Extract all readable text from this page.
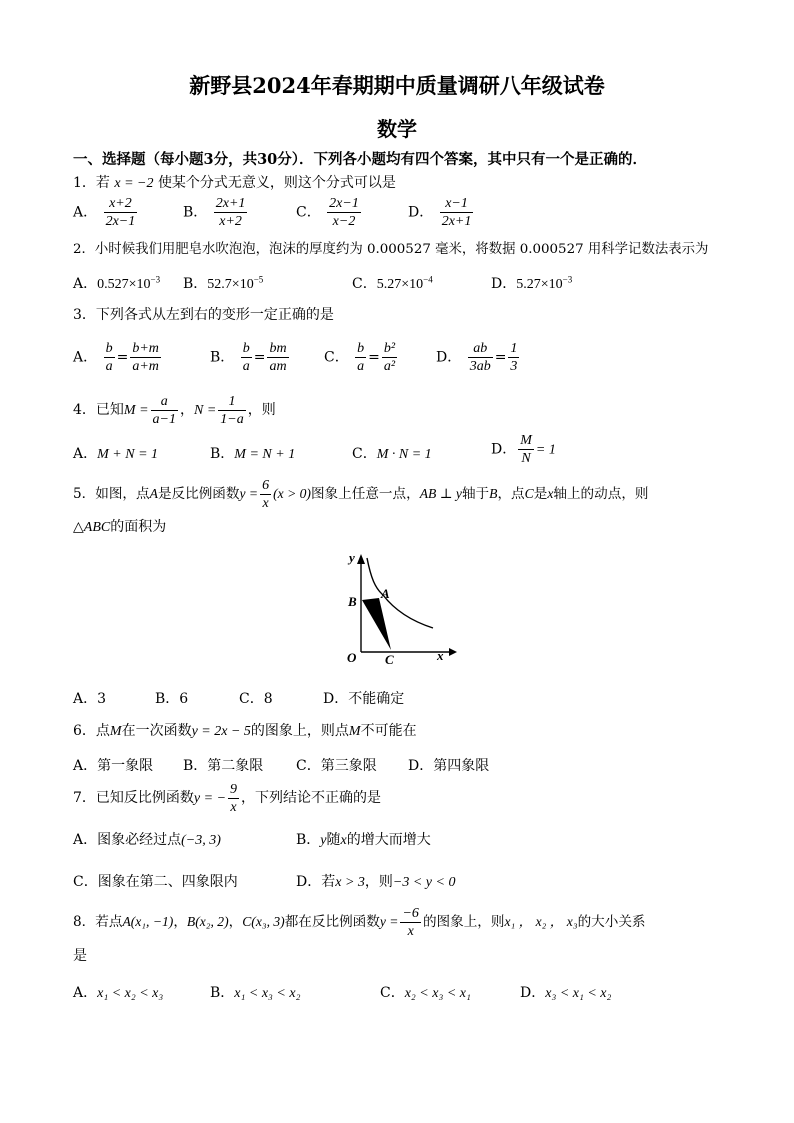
新野县2024年春期期中质量调研八年级试卷
数学
一、选择题（每小题3分，共30分）．下列各小题均有四个答案，其中只有一个是正确的．
1．若 x = −2 使某个分式无意义，则这个分式可以是
A． $\frac{x+2}{2x-1}$	B． $\frac{2x+1}{x+2}$	C． $\frac{2x-1}{x-2}$	D． $\frac{x-1}{2x+1}$
2．小时候我们用肥皂水吹泡泡，泡沫的厚度约为 0.000527 毫米，将数据 0.000527 用科学记数法表示为
A．$0.527\times 10^{-3}$ B．$52.7\times 10^{-5}$	C．$5.27\times 10^{-4}$	D．$5.27\times 10^{-3}$
3．下列各式从左到右的变形一定正确的是
A． $\frac{b}{a} = \frac{b+m}{a+m}$	B． $\frac{b}{a} = \frac{bm}{am}$	C． $\frac{b}{a} = \frac{\text{b²}}{\text{a²}}$	D． $\frac{ab}{3ab} = \frac{1}{3}$
4．已知$M = \frac{a}{a-1}$ ，$N = \frac{1}{1-a}$ ，则
A．M + N = 1	B．M = N + 1	C．M · N = 1	D． $\frac{M}{N} = 1$
5．如图，点A是反比例函数$y = \frac{6}{x} (x > 0)$图象上任意一点，AB ⊥ y轴于B，点C是x轴上的动点，则
△ABC的面积为
y
x
O
A
B
C
A．3	B．6	C．8	D．不能确定
6．点M在一次函数y = 2x − 5的图象上，则点M不可能在
A．第一象限 B．第二象限 C．第三象限 D．第四象限
7．已知反比例函数y = − $\frac{9}{x}$ ，下列结论不正确的是
A．图象必经过点(−3, 3)	B．y随x的增大而增大
C．图象在第二、四象限内	D．若x > 3，则−3 < y < 0
8．若点A(x₁, −1)，B(x₂, 2)，C(x₃, 3)都在反比例函数$y = \frac{-6}{x}$ 的图象上，则x₁ ， x₂ ， x₃的大小关系
是
A．x₁ < x₂ < x₃	B．x₁ < x₃ < x₂	C．x₂ < x₃ < x₁	D．x₃ < x₁ < x₂
